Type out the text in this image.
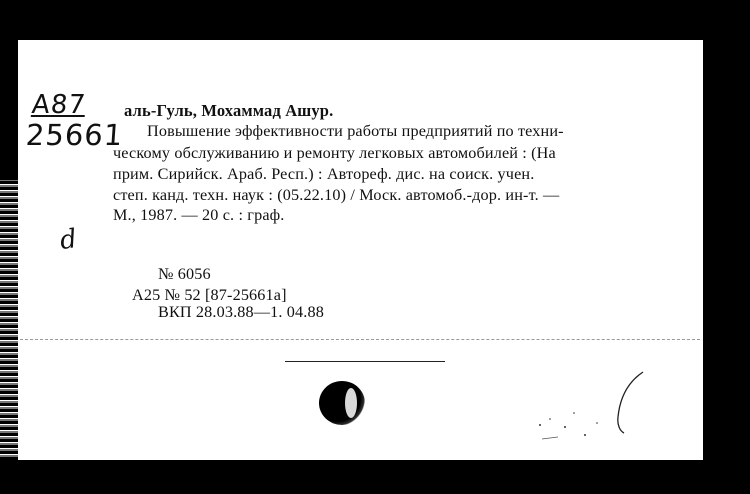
A87
25661
d
аль-Гуль, Мохаммад Ашур.
Повышение эффективности работы предприятий по техни-
ческому обслуживанию и ремонту легковых автомобилей : (На
прим. Сирийск. Араб. Респ.) : Автореф. дис. на соиск. учен.
степ. канд. техн. наук : (05.22.10) / Моск. автомоб.-дор. ин-т. —
М., 1987. — 20 с. : граф.
№ 6056
A25 № 52 [87-25661a]
ВКП 28.03.88—1. 04.88
